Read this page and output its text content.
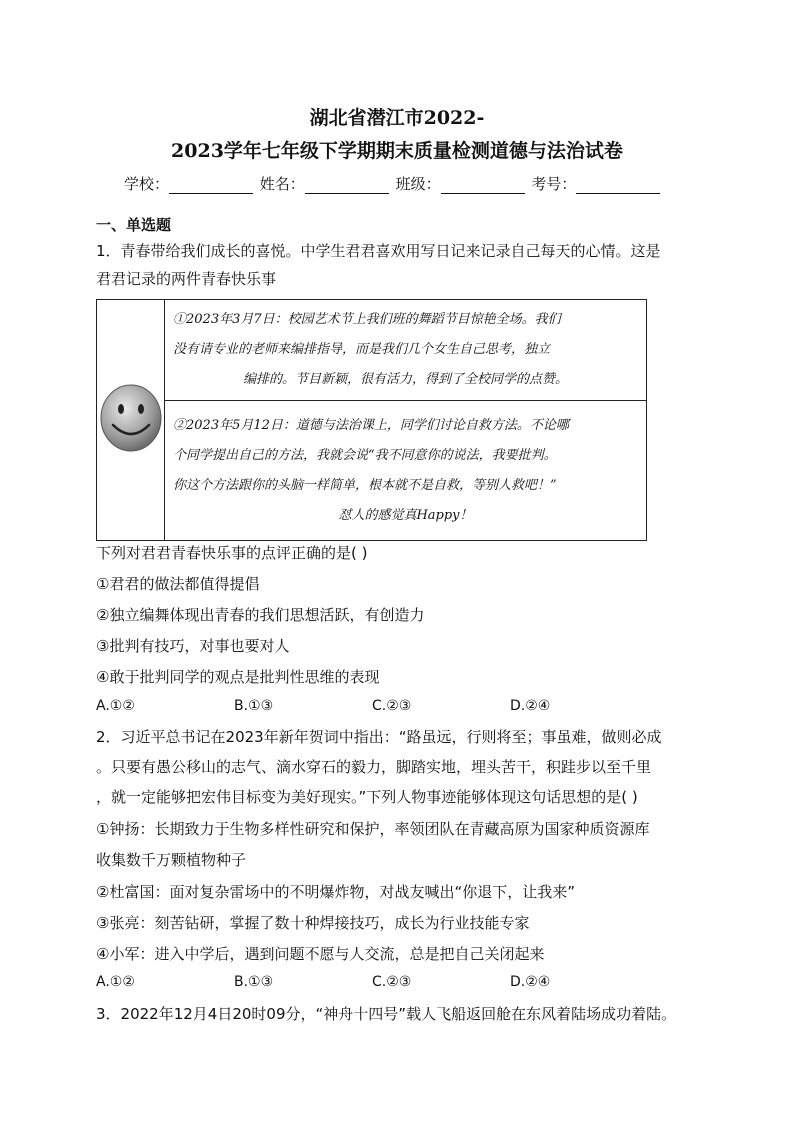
湖北省潜江市2022-
2023学年七年级下学期期末质量检测道德与法治试卷
学校：	姓名：	班级：	考号：
一、单选题
1．青春带给我们成长的喜悦。中学生君君喜欢用写日记来记录自己每天的心情。这是
君君记录的两件青春快乐事

①2023年3月7日：校园艺术节上我们班的舞蹈节目惊艳全场。我们
没有请专业的老师来编排指导，而是我们几个女生自己思考，独立
编排的。节目新颖，很有活力，得到了全校同学的点赞。

②2023年5月12日：道德与法治课上，同学们讨论自救方法。不论哪
个同学提出自己的方法，我就会说“我不同意你的说法，我要批判。
你这个方法跟你的头脑一样简单，根本就不是自救，等别人救吧！”
怼人的感觉真Happy！
下列对君君青春快乐事的点评正确的是( )
①君君的做法都值得提倡
②独立编舞体现出青春的我们思想活跃，有创造力
③批判有技巧，对事也要对人
④敢于批判同学的观点是批判性思维的表现
A.①②	B.①③	C.②③	D.②④
2．习近平总书记在2023年新年贺词中指出：“路虽远，行则将至；事虽难，做则必成
。只要有愚公移山的志气、滴水穿石的毅力，脚踏实地，埋头苦干，积跬步以至千里
，就一定能够把宏伟目标变为美好现实。”下列人物事迹能够体现这句话思想的是( )
①钟扬：长期致力于生物多样性研究和保护，率领团队在青藏高原为国家种质资源库
收集数千万颗植物种子
②杜富国：面对复杂雷场中的不明爆炸物，对战友喊出“你退下，让我来”
③张亮：刻苦钻研，掌握了数十种焊接技巧，成长为行业技能专家
④小军：进入中学后，遇到问题不愿与人交流，总是把自己关闭起来
A.①②	B.①③	C.②③	D.②④
3．2022年12月4日20时09分，“神舟十四号”载人飞船返回舱在东风着陆场成功着陆。
